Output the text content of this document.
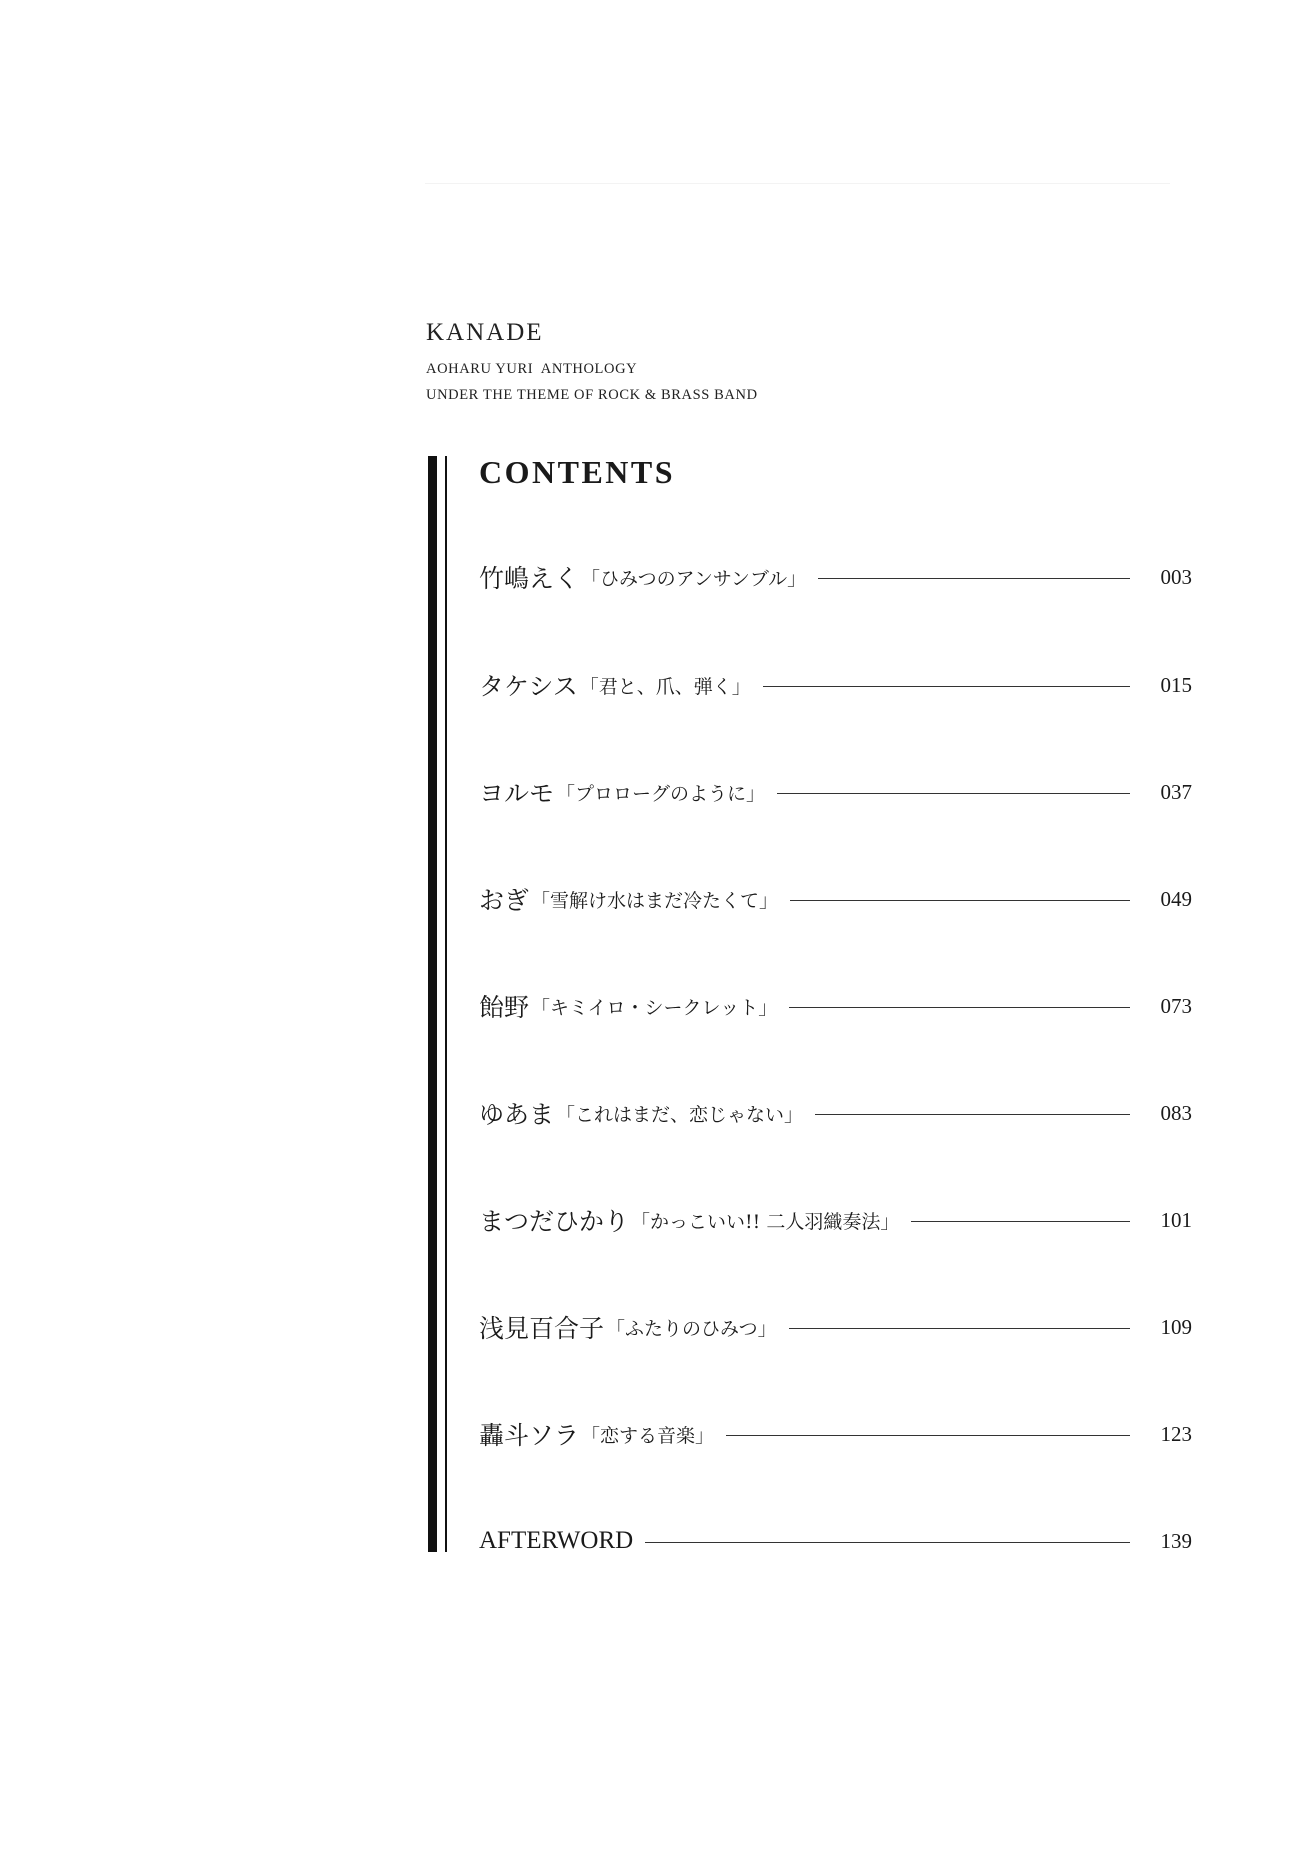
KANADE
AOHARU YURI  ANTHOLOGY
UNDER THE THEME OF ROCK & BRASS BAND
CONTENTS
竹嶋えく 「ひみつのアンサンブル」	003
タケシス 「君と、爪、弾く」	015
ヨルモ 「プロローグのように」	037
おぎ 「雪解け水はまだ冷たくて」	049
飴野 「キミイロ・シークレット」	073
ゆあま 「これはまだ、恋じゃない」	083
まつだひかり 「かっこいい!! 二人羽織奏法」	101
浅見百合子 「ふたりのひみつ」	109
轟斗ソラ 「恋する音楽」	123
AFTERWORD	139
